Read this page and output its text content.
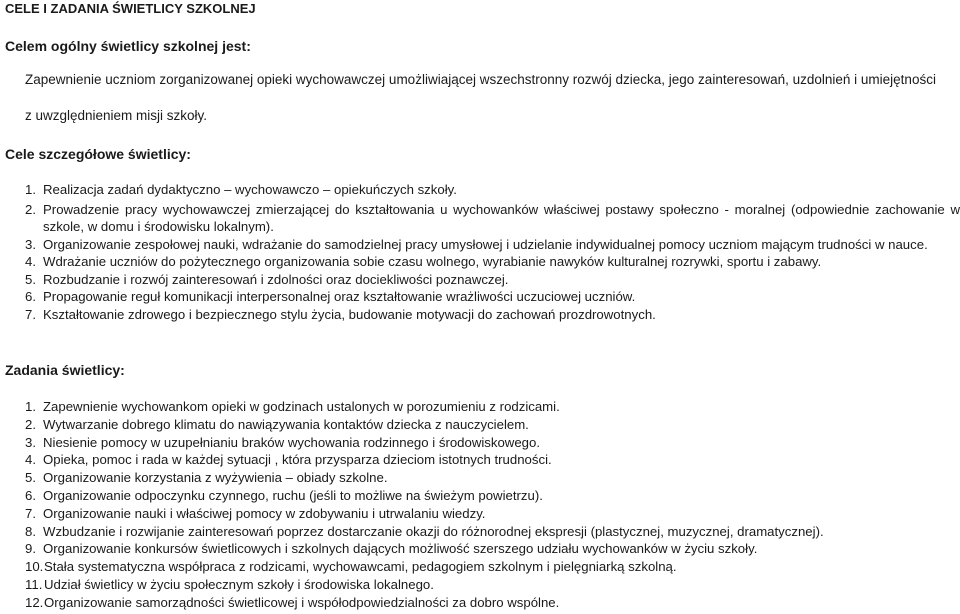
CELE I ZADANIA ŚWIETLICY SZKOLNEJ
Celem ogólny świetlicy szkolnej jest:
Zapewnienie uczniom zorganizowanej opieki wychowawczej umożliwiającej wszechstronny rozwój dziecka, jego zainteresowań, uzdolnień i umiejętności
z uwzględnieniem misji szkoły.
Cele szczegółowe świetlicy:
1. Realizacja zadań dydaktyczno – wychowawczo – opiekuńczych szkoły.
2. Prowadzenie pracy wychowawczej zmierzającej do kształtowania u wychowanków właściwej postawy społeczno - moralnej (odpowiednie zachowanie w szkole, w domu i środowisku lokalnym).
3. Organizowanie zespołowej nauki, wdrażanie do samodzielnej pracy umysłowej i udzielanie indywidualnej pomocy uczniom mającym trudności w nauce.
4. Wdrażanie uczniów do pożytecznego organizowania sobie czasu wolnego, wyrabianie nawyków kulturalnej rozrywki, sportu i zabawy.
5. Rozbudzanie i rozwój zainteresowań i zdolności oraz dociekliwości poznawczej.
6. Propagowanie reguł komunikacji interpersonalnej oraz kształtowanie wrażliwości uczuciowej uczniów.
7. Kształtowanie zdrowego i bezpiecznego stylu życia, budowanie motywacji do zachowań prozdrowotnych.
Zadania świetlicy:
1. Zapewnienie wychowankom opieki w godzinach ustalonych w porozumieniu z rodzicami.
2. Wytwarzanie dobrego klimatu do nawiązywania kontaktów dziecka z nauczycielem.
3. Niesienie pomocy w uzupełnianiu braków wychowania rodzinnego i środowiskowego.
4. Opieka, pomoc i rada w każdej sytuacji , która przysparza dzieciom istotnych trudności.
5. Organizowanie korzystania z wyżywienia – obiady szkolne.
6. Organizowanie odpoczynku czynnego, ruchu (jeśli to możliwe na świeżym powietrzu).
7. Organizowanie nauki i właściwej pomocy w zdobywaniu i utrwalaniu wiedzy.
8. Wzbudzanie i rozwijanie zainteresowań poprzez dostarczanie okazji do różnorodnej ekspresji (plastycznej, muzycznej, dramatycznej).
9. Organizowanie konkursów świetlicowych i szkolnych dających możliwość szerszego udziału wychowanków w życiu szkoły.
10. Stała systematyczna współpraca z rodzicami, wychowawcami, pedagogiem szkolnym i pielęgniarką szkolną.
11. Udział świetlicy w życiu społecznym szkoły i środowiska lokalnego.
12. Organizowanie samorządności świetlicowej i współodpowiedzialności za dobro wspólne.
